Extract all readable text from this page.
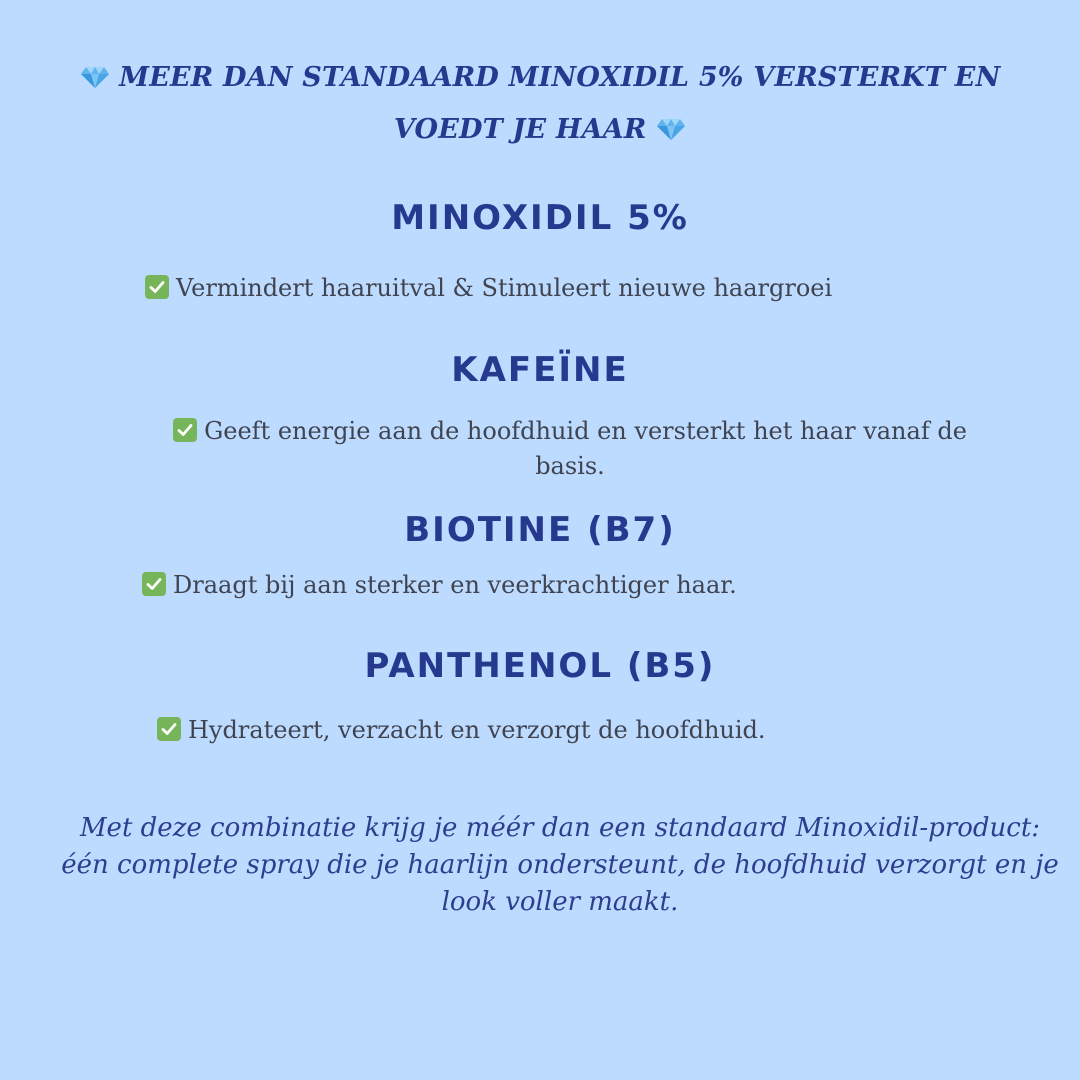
MEER DAN STANDAARD MINOXIDIL 5% VERSTERKT EN VOEDT JE HAAR
MINOXIDIL 5%
Vermindert haaruitval & Stimuleert nieuwe haargroei
KAFEÏNE
Geeft energie aan de hoofdhuid en versterkt het haar vanaf de basis.
BIOTINE (B7)
Draagt bij aan sterker en veerkrachtiger haar.
PANTHENOL (B5)
Hydrateert, verzacht en verzorgt de hoofdhuid.
Met deze combinatie krijg je méér dan een standaard Minoxidil-product: één complete spray die je haarlijn ondersteunt, de hoofdhuid verzorgt en je look voller maakt.
